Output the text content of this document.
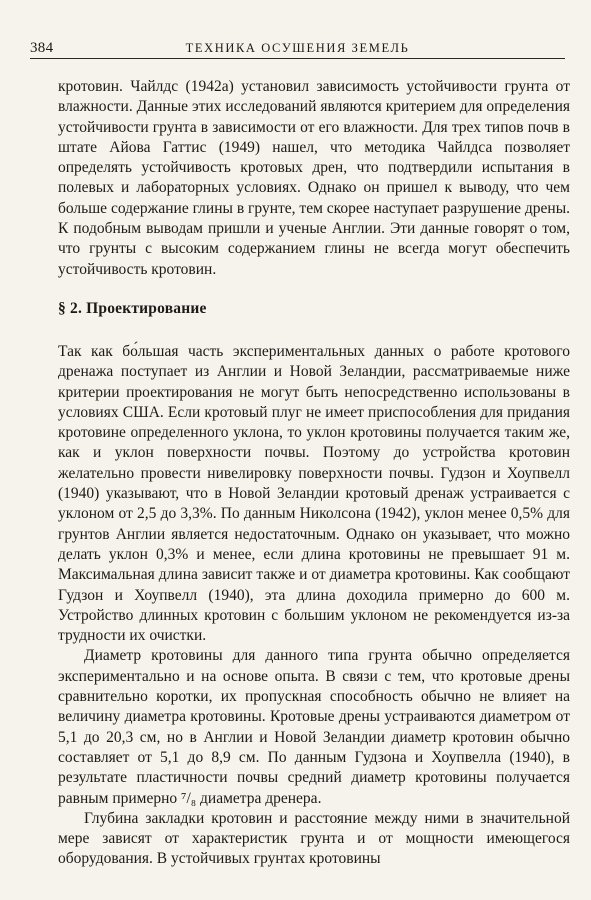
384	ТЕХНИКА ОСУШЕНИЯ ЗЕМЕЛЬ

кротовин. Чайлдс (1942а) установил зависимость устойчивости грунта от влажности. Данные этих исследований являются критерием для определения устойчивости грунта в зависимости от его влажности. Для трех типов почв в штате Айова Гаттис (1949) нашел, что методика Чайлдса позволяет определять устойчивость кротовых дрен, что подтвердили испытания в полевых и лабораторных условиях. Однако он пришел к выводу, что чем больше содержание глины в грунте, тем скорее наступает разрушение дрены. К подобным выводам пришли и ученые Англии. Эти данные говорят о том, что грунты с высоким содержанием глины не всегда могут обеспечить устойчивость кротовин.

§ 2. Проектирование

Так как бо́льшая часть экспериментальных данных о работе кротового дренажа поступает из Англии и Новой Зеландии, рассматриваемые ниже критерии проектирования не могут быть непосредственно использованы в условиях США. Если кротовый плуг не имеет приспособления для придания кротовине определенного уклона, то уклон кротовины получается таким же, как и уклон поверхности почвы. Поэтому до устройства кротовин желательно провести нивелировку поверхности почвы. Гудзон и Хоупвелл (1940) указывают, что в Новой Зеландии кротовый дренаж устраивается с уклоном от 2,5 до 3,3%. По данным Николсона (1942), уклон менее 0,5% для грунтов Англии является недостаточным. Однако он указывает, что можно делать уклон 0,3% и менее, если длина кротовины не превышает 91 м. Максимальная длина зависит также и от диаметра кротовины. Как сообщают Гудзон и Хоупвелл (1940), эта длина доходила примерно до 600 м. Устройство длинных кротовин с большим уклоном не рекомендуется из-за трудности их очистки.

Диаметр кротовины для данного типа грунта обычно определяется экспериментально и на основе опыта. В связи с тем, что кротовые дрены сравнительно коротки, их пропускная способность обычно не влияет на величину диаметра кротовины. Кротовые дрены устраиваются диаметром от 5,1 до 20,3 см, но в Англии и Новой Зеландии диаметр кротовин обычно составляет от 5,1 до 8,9 см. По данным Гудзона и Хоупвелла (1940), в результате пластичности почвы средний диаметр кротовины получается равным примерно ⁷/₈ диаметра дренера.

Глубина закладки кротовин и расстояние между ними в значительной мере зависят от характеристик грунта и от мощности имеющегося оборудования. В устойчивых грунтах кротовины
